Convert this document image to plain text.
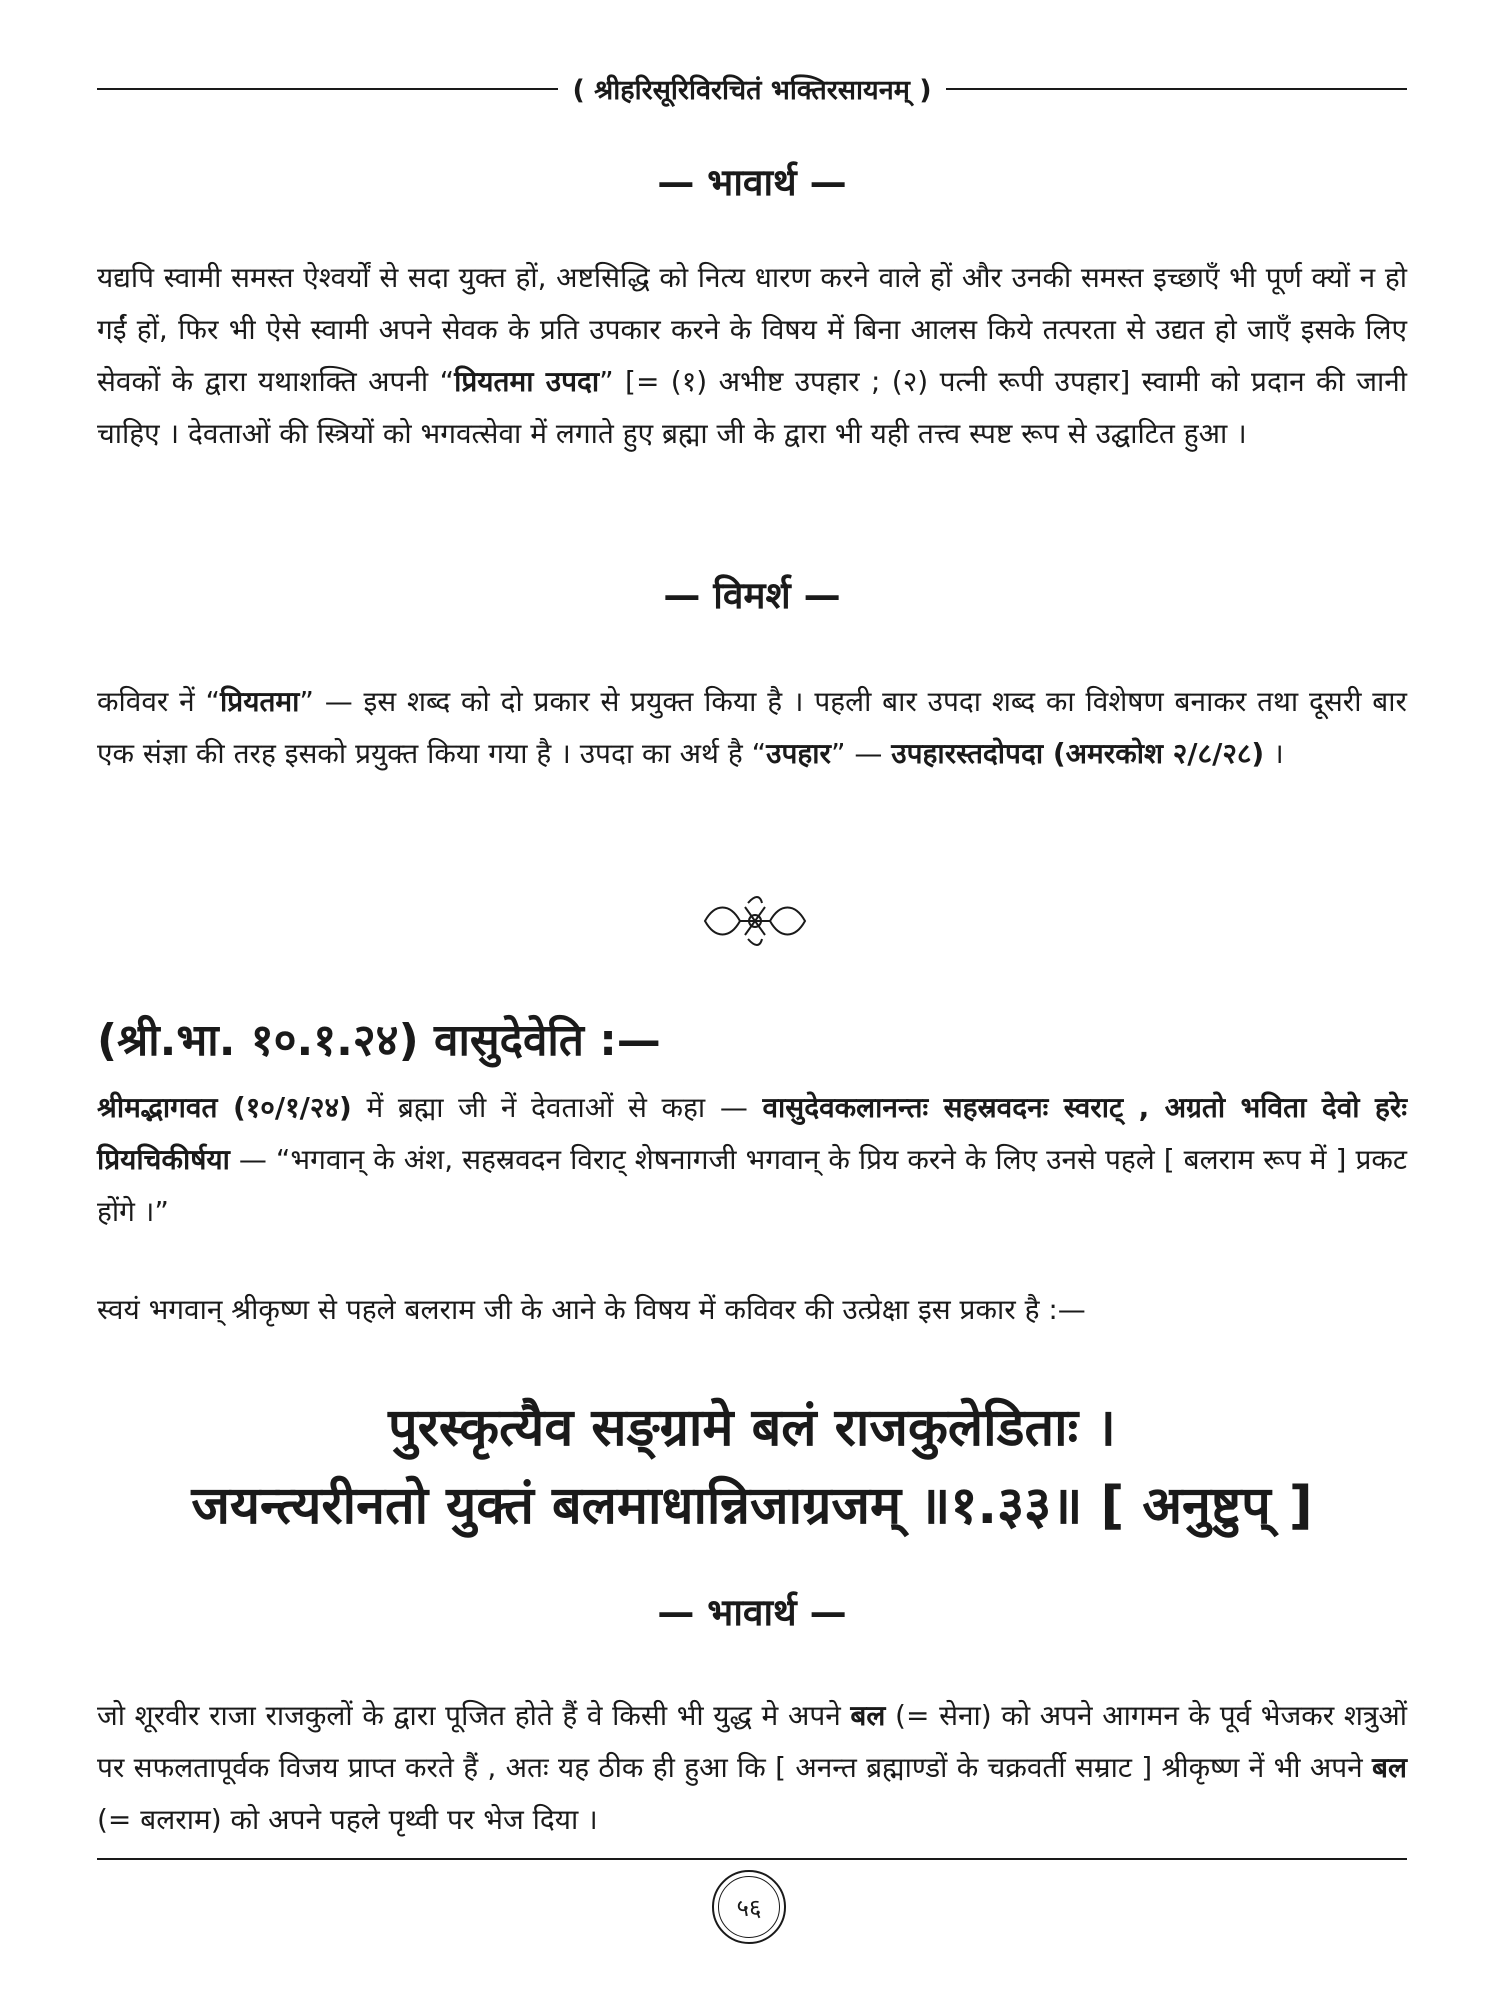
( श्रीहरिसूरिविरचितं भक्तिरसायनम् )
— भावार्थ —

यद्यपि स्वामी समस्त ऐश्वर्यों से सदा युक्त हों, अष्टसिद्धि को नित्य धारण करने वाले हों और उनकी समस्त इच्छाएँ भी पूर्ण क्यों न हो गईं हों, फिर भी ऐसे स्वामी अपने सेवक के प्रति उपकार करने के विषय में बिना आलस किये तत्परता से उद्यत हो जाएँ इसके लिए सेवकों के द्वारा यथाशक्ति अपनी “प्रियतमा उपदा” [= (१) अभीष्ट उपहार ; (२) पत्नी रूपी उपहार] स्वामी को प्रदान की जानी चाहिए । देवताओं की स्त्रियों को भगवत्सेवा में लगाते हुए ब्रह्मा जी के द्वारा भी यही तत्त्व स्पष्ट रूप से उद्घाटित हुआ ।

— विमर्श —

कविवर नें “प्रियतमा” — इस शब्द को दो प्रकार से प्रयुक्त किया है । पहली बार उपदा शब्द का विशेषण बनाकर तथा दूसरी बार एक संज्ञा की तरह इसको प्रयुक्त किया गया है । उपदा का अर्थ है “उपहार” — उपहारस्तदोपदा (अमरकोश २/८/२८) ।

(श्री.भा. १०.१.२४) वासुदेवेति :—

श्रीमद्भागवत (१०/१/२४) में ब्रह्मा जी नें देवताओं से कहा — वासुदेवकलानन्तः सहस्रवदनः स्वराट् , अग्रतो भविता देवो हरेः प्रियचिकीर्षया — “भगवान् के अंश, सहस्रवदन विराट् शेषनागजी भगवान् के प्रिय करने के लिए उनसे पहले [ बलराम रूप में ] प्रकट होंगे ।”

स्वयं भगवान् श्रीकृष्ण से पहले बलराम जी के आने के विषय में कविवर की उत्प्रेक्षा इस प्रकार है :—

पुरस्कृत्यैव सङ्ग्रामे बलं राजकुलेडिताः ।
जयन्त्यरीनतो युक्तं बलमाधान्निजाग्रजम् ॥१.३३॥ [ अनुष्टुप् ]
— भावार्थ —

जो शूरवीर राजा राजकुलों के द्वारा पूजित होते हैं वे किसी भी युद्ध मे अपने बल (= सेना) को अपने आगमन के पूर्व भेजकर शत्रुओं पर सफलतापूर्वक विजय प्राप्त करते हैं , अतः यह ठीक ही हुआ कि [ अनन्त ब्रह्माण्डों के चक्रवर्ती सम्राट ] श्रीकृष्ण नें भी अपने बल (= बलराम) को अपने पहले पृथ्वी पर भेज दिया ।

५६
